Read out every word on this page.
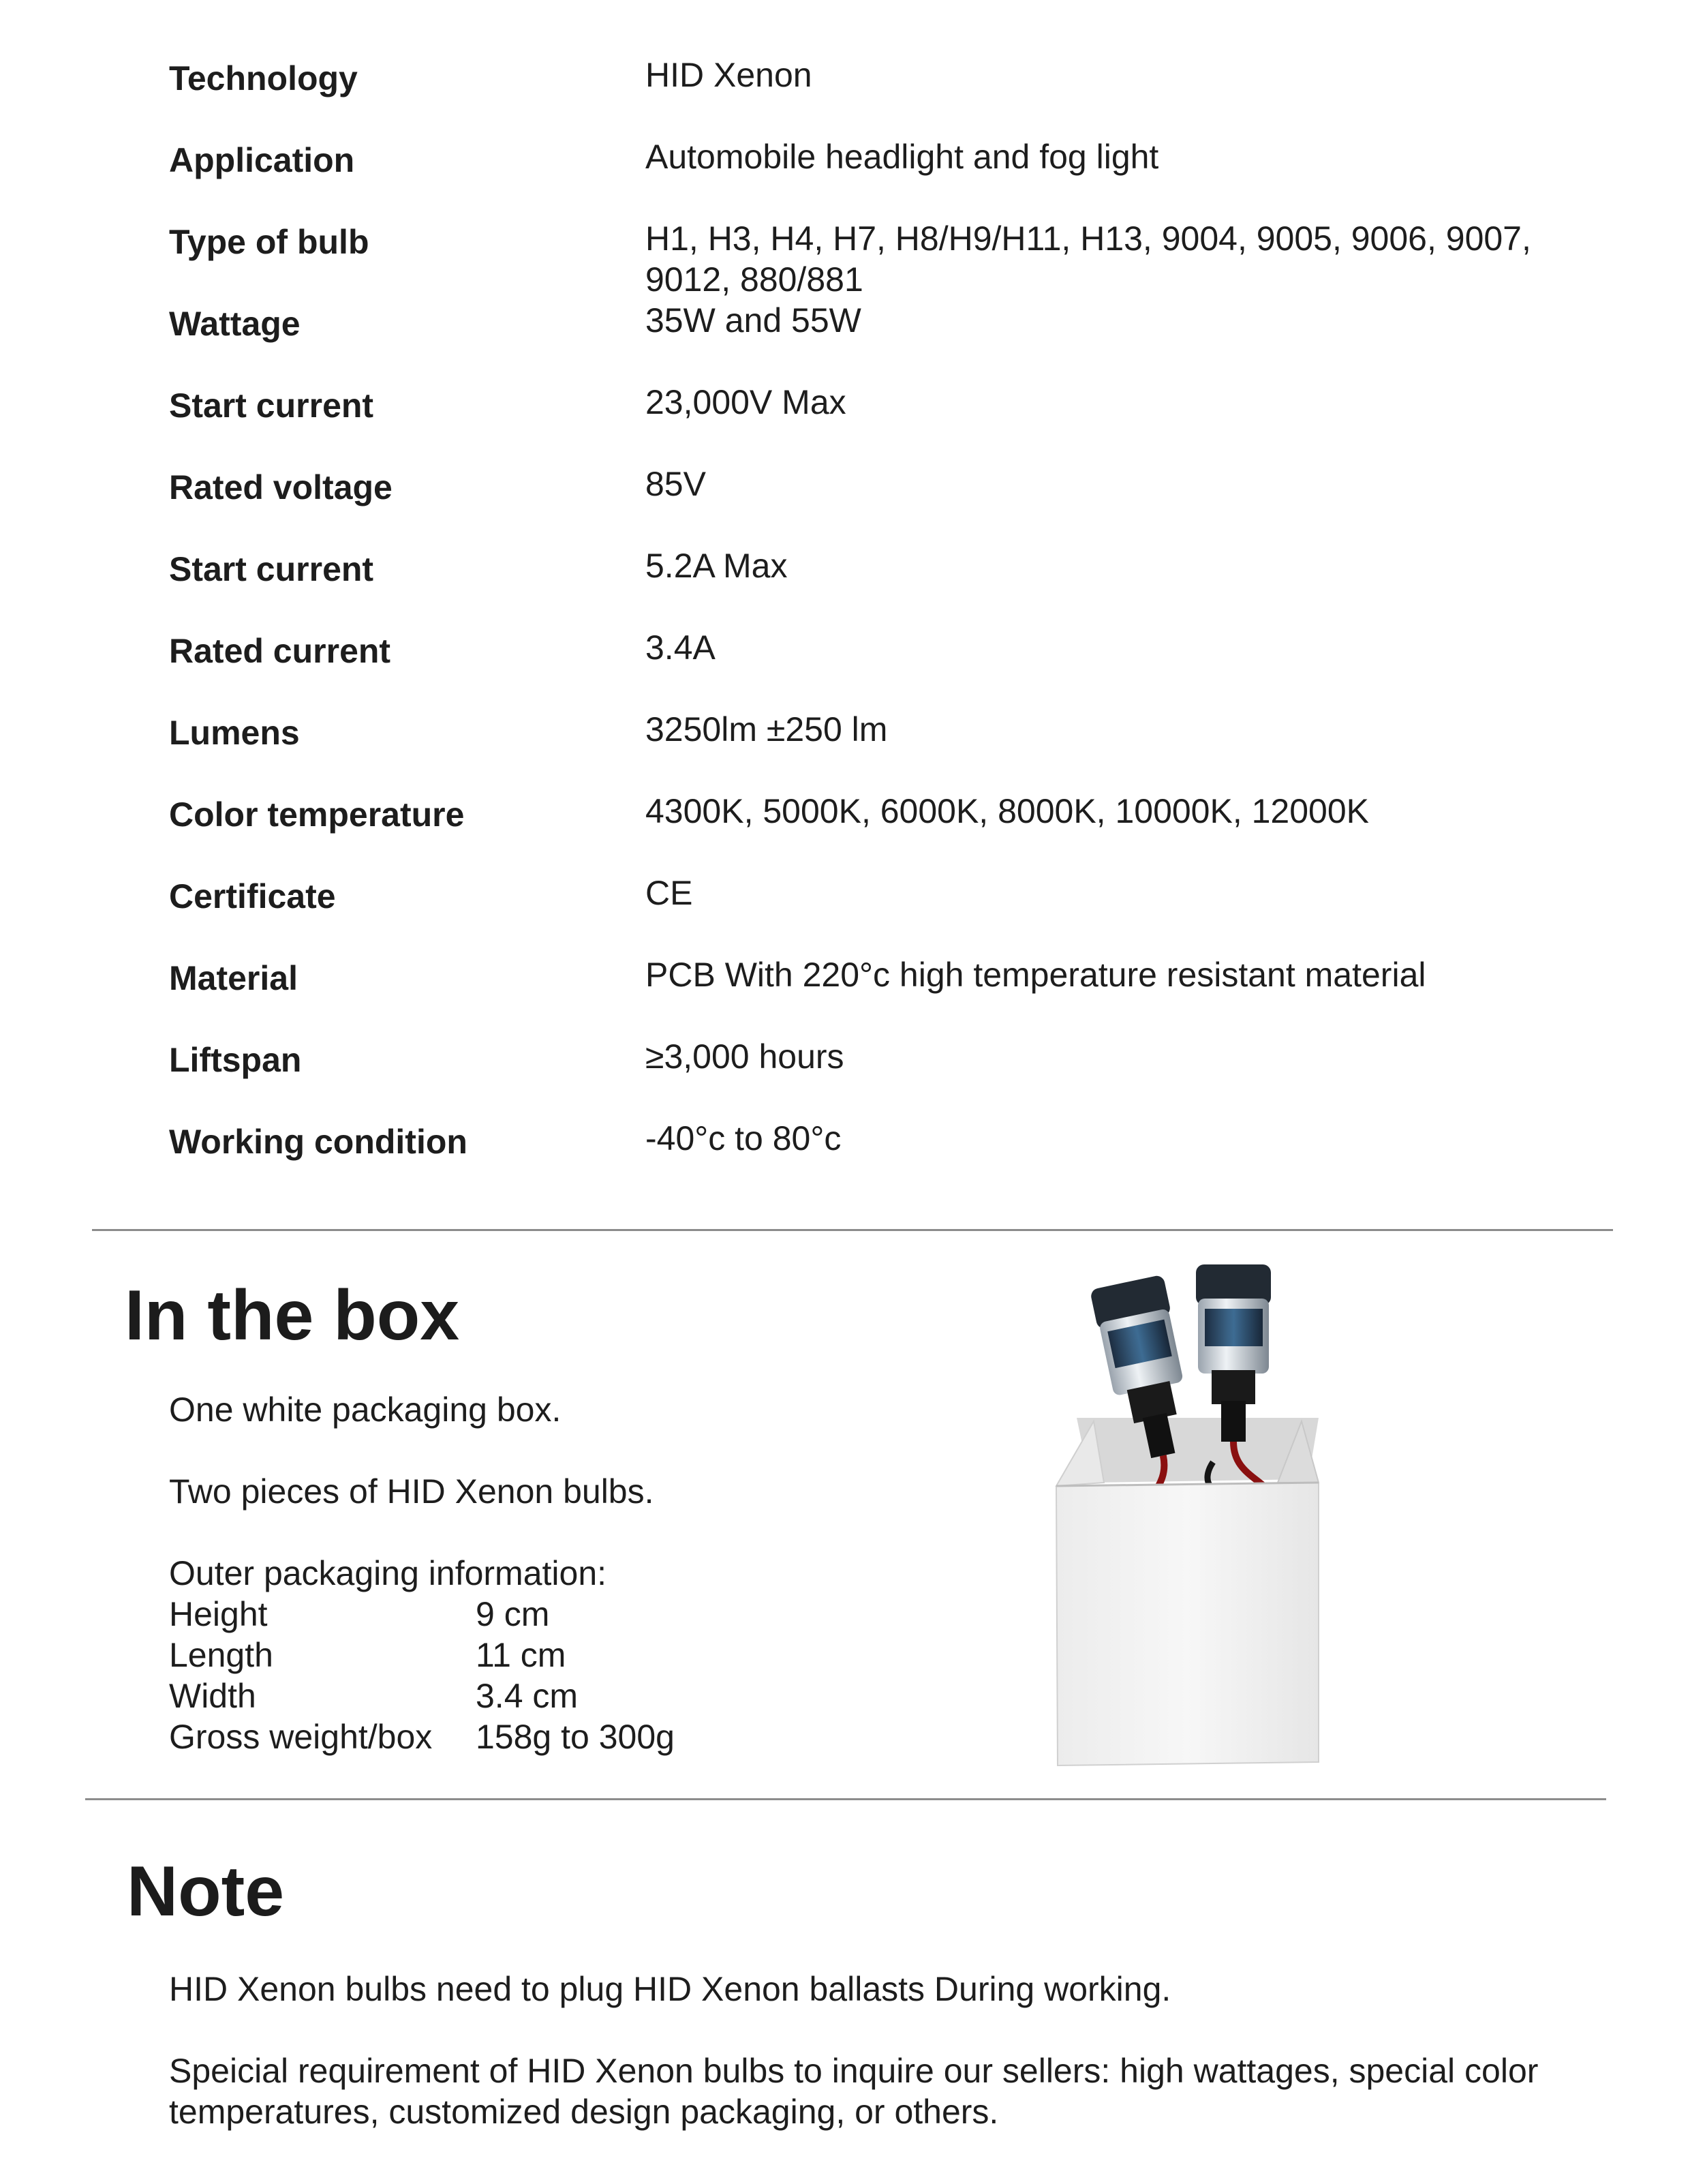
Technology	HID Xenon
Application	Automobile headlight and fog light
Type of bulb	H1, H3, H4, H7, H8/H9/H11, H13, 9004, 9005, 9006, 9007,
9012, 880/881
Wattage	35W and 55W
Start current	23,000V Max
Rated voltage	85V
Start current	5.2A Max
Rated current	3.4A
Lumens	3250lm ±250 lm
Color temperature	4300K, 5000K, 6000K, 8000K, 10000K, 12000K
Certificate	CE
Material	PCB With 220°c high temperature resistant material
Liftspan	≥3,000 hours
Working condition	-40°c to 80°c
In the box
One white packaging box.
Two pieces of HID Xenon bulbs.
Outer packaging information:
Height	9 cm
Length	11 cm
Width	3.4 cm
Gross weight/box 158g to 300g
Note
HID Xenon bulbs need to plug HID Xenon ballasts During working.
Speicial requirement of HID Xenon bulbs to inquire our sellers: high wattages, special color
temperatures, customized design packaging, or others.
